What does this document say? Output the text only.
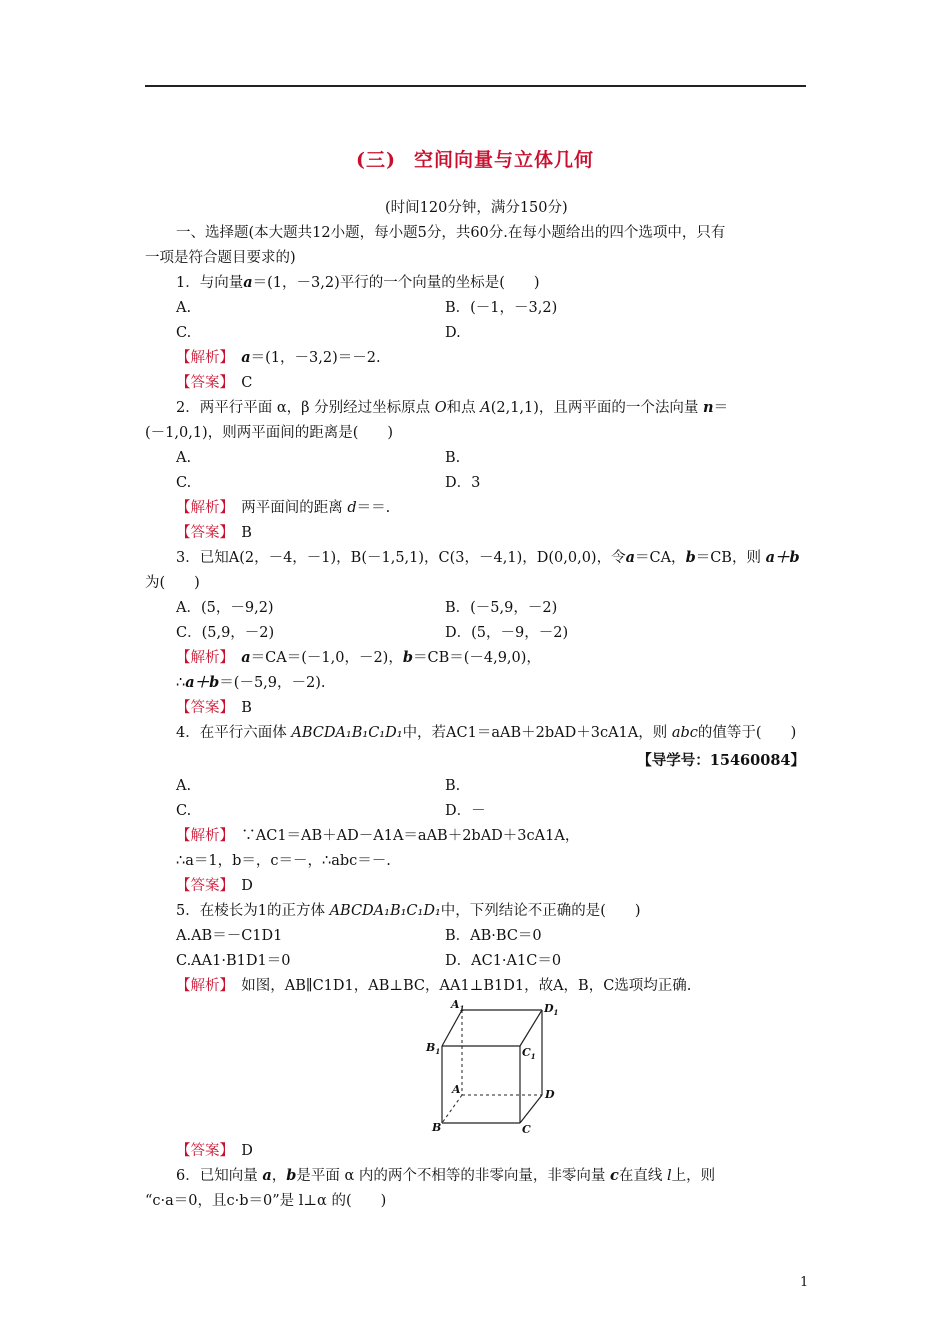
(三) 空间向量与立体几何
(时间120分钟，满分150分)
一、选择题(本大题共12小题，每小题5分，共60分.在每小题给出的四个选项中，只有
一项是符合题目要求的)
1．与向量a＝(1，－3,2)平行的一个向量的坐标是(　　)
A.	B．(－1，－3,2)
C.	D.
【解析】　 a＝(1，－3,2)＝－2.
【答案】　 C
2．两平行平面 α，β 分别经过坐标原点 O和点 A(2,1,1)，且两平面的一个法向量 n＝
(－1,0,1)，则两平面间的距离是(　　)
A.	B.
C.	D．3
【解析】　 两平面间的距离 d＝＝.
【答案】　 B
3．已知A(2，－4，－1)，B(－1,5,1)，C(3，－4,1)，D(0,0,0)，令a＝CA，b＝CB，则 a＋b
为(　　)
A．(5，－9,2)	B．(－5,9，－2)
C．(5,9，－2)	D．(5，－9，－2)
【解析】　 a＝CA＝(－1,0，－2)，b＝CB＝(－4,9,0)，
∴a＋b＝(－5,9，－2).
【答案】　 B
4．在平行六面体 ABCDA₁B₁C₁D₁中，若AC1＝aAB＋2bAD＋3cA1A，则 abc的值等于(　　)
【导学号：15460084】
A.	B.
C.	D．－
【解析】　 ∵AC1＝AB＋AD－A1A＝aAB＋2bAD＋3cA1A，
∴a＝1，b＝，c＝－，∴abc＝－.
【答案】　 D
5．在棱长为1的正方体 ABCDA₁B₁C₁D₁中，下列结论不正确的是(　　)
A.AB＝－C1D1	B．AB·BC＝0
C.AA1·B1D1＝0	D．AC1·A1C＝0
【解析】　 如图，AB∥C1D1，AB⊥BC，AA1⊥B1D1，故A，B，C选项均正确.
$A_1$	$D_1$
$B_1$	$C_1$
A	D
B	C
【答案】　 D
6．已知向量 a，b是平面 α 内的两个不相等的非零向量，非零向量 c在直线 l上，则
“c·a＝0，且c·b＝0”是 l⊥α 的(　　)
1
